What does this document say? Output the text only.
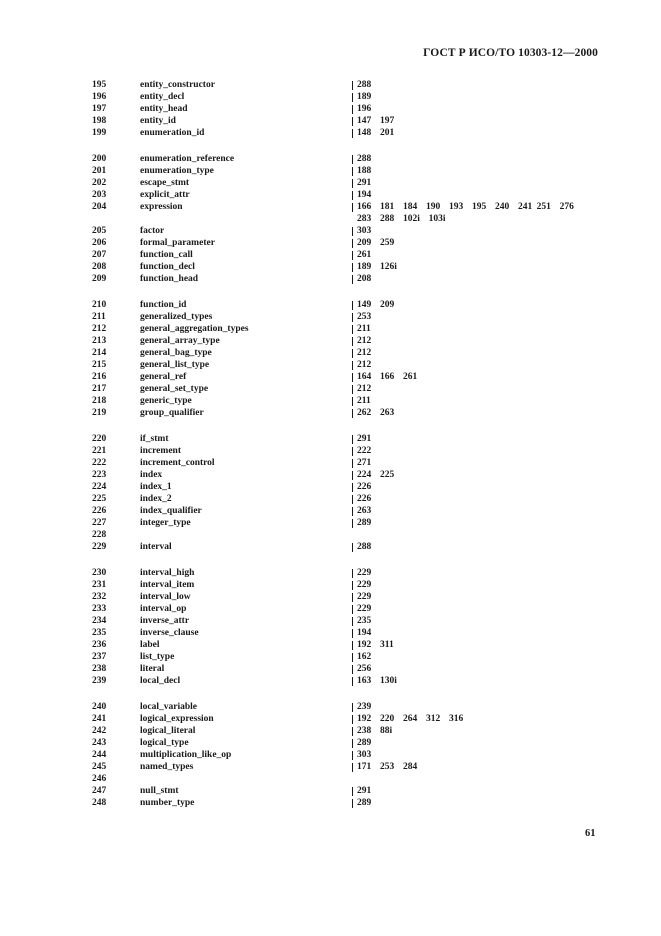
ГОСТ Р ИСО/ТО 10303-12—2000
195	entity_constructor	288
196	entity_decl	189
197	entity_head	196
198	entity_id	147  197
199	enumeration_id	148  201
200	enumeration_reference	288
201	enumeration_type	188
202	escape_stmt	291
203	explicit_attr	194
204	expression	166  181  184  190  193  195  240  241 251  276
283  288  102i  103i
205	factor	303
206	formal_parameter	209  259
207	function_call	261
208	function_decl	189  126i
209	function_head	208
210	function_id	149  209
211	generalized_types	253
212	general_aggregation_types	211
213	general_array_type	212
214	general_bag_type	212
215	general_list_type	212
216	general_ref	164  166  261
217	general_set_type	212
218	generic_type	211
219	group_qualifier	262  263
220	if_stmt	291
221	increment	222
222	increment_control	271
223	index	224  225
224	index_1	226
225	index_2	226
226	index_qualifier	263
227	integer_type	289
228
229	interval	288
230	interval_high	229
231	interval_item	229
232	interval_low	229
233	interval_op	229
234	inverse_attr	235
235	inverse_clause	194
236	label	192  311
237	list_type	162
238	literal	256
239	local_decl	163  130i
240	local_variable	239
241	logical_expression	192  220  264  312  316
242	logical_literal	238  88i
243	logical_type	289
244	multiplication_like_op	303
245	named_types	171  253  284
246
247	null_stmt	291
248	number_type	289
61
